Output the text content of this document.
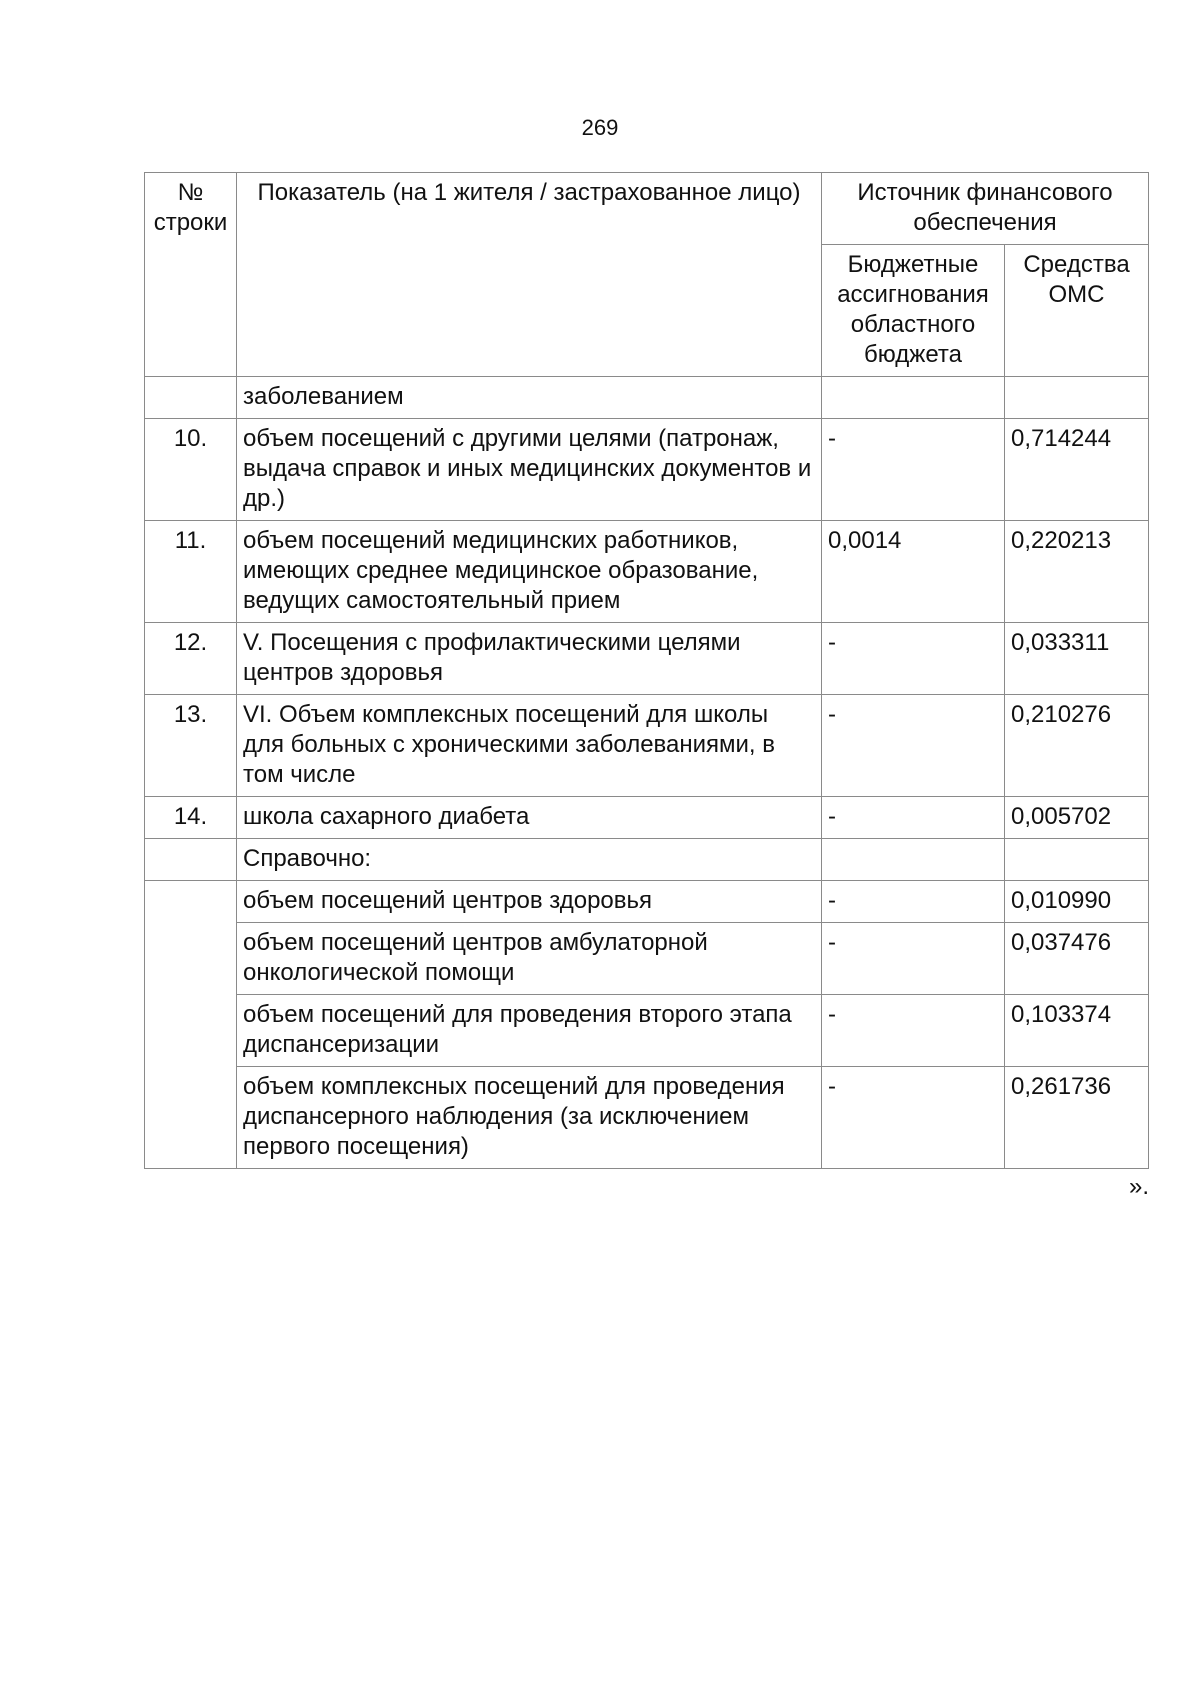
269
№ строки	Показатель (на 1 жителя / застрахованное лицо)	Источник финансового обеспечения	
		Бюджетные ассигнования областного бюджета	Средства ОМС
	заболеванием		
10.	объем посещений с другими целями (патронаж, выдача справок и иных медицинских документов и др.)	-	0,714244
11.	объем посещений медицинских работников, имеющих среднее медицинское образование, ведущих самостоятельный прием	0,0014	0,220213
12.	V. Посещения с профилактическими целями центров здоровья	-	0,033311
13.	VI. Объем комплексных посещений для школы для больных с хроническими заболеваниями, в том числе	-	0,210276
14.	школа сахарного диабета	-	0,005702
	Справочно:		
	объем посещений центров здоровья	-	0,010990
	объем посещений центров амбулаторной онкологической помощи	-	0,037476
	объем посещений для проведения второго этапа диспансеризации	-	0,103374
	объем комплексных посещений для проведения диспансерного наблюдения (за исключением первого посещения)	-	0,261736
».
